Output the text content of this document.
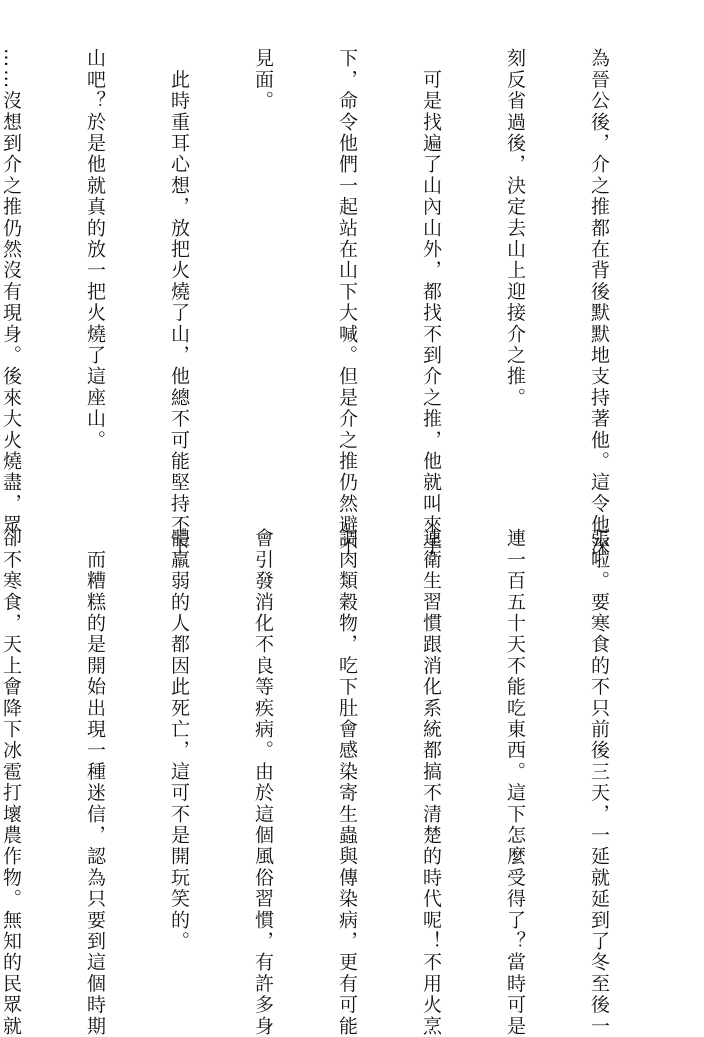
為晉公後，介之推都在背後默默地支持著他。這令他深

刻反省過後，決定去山上迎接介之推。

　可是找遍了山內山外，都找不到介之推，他就叫來手

下，命令他們一起站在山下大喊。但是介之推仍然避不

見面。

　此時重耳心想，放把火燒了山，他總不可能堅持不下

山吧？於是他就真的放一把火燒了這座山。

……沒想到介之推仍然沒有現身。後來大火燒盡，眾

張啦。要寒食的不只前後三天，一延就延到了冬至後一

連一百五十天不能吃東西。這下怎麼受得了？當時可是

連衛生習慣跟消化系統都搞不清楚的時代呢！不用火烹

調肉類穀物，吃下肚會感染寄生蟲與傳染病，更有可能

會引發消化不良等疾病。由於這個風俗習慣，有許多身

體羸弱的人都因此死亡，這可不是開玩笑的。

　而糟糕的是開始出現一種迷信，認為只要到這個時期

卻不寒食，天上會降下冰雹打壞農作物。無知的民眾就
